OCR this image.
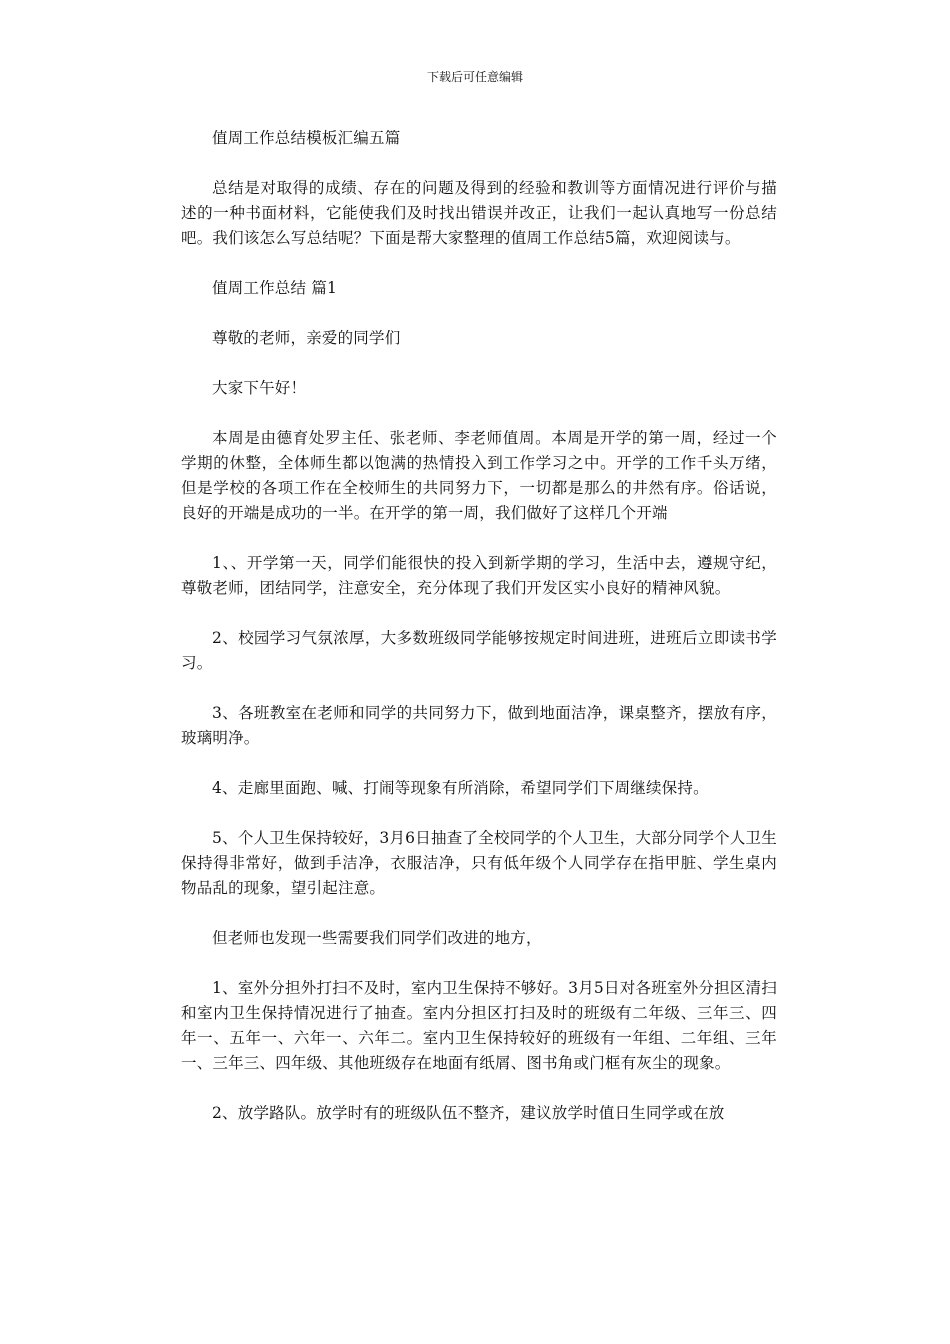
下载后可任意编辑

值周工作总结模板汇编五篇

总结是对取得的成绩、存在的问题及得到的经验和教训等方面情况进行评价与描述的一种书面材料，它能使我们及时找出错误并改正，让我们一起认真地写一份总结吧。我们该怎么写总结呢？下面是帮大家整理的值周工作总结5篇，欢迎阅读与。

值周工作总结 篇1

尊敬的老师，亲爱的同学们

大家下午好！

本周是由德育处罗主任、张老师、李老师值周。本周是开学的第一周，经过一个学期的休整，全体师生都以饱满的热情投入到工作学习之中。开学的工作千头万绪，但是学校的各项工作在全校师生的共同努力下，一切都是那么的井然有序。俗话说，良好的开端是成功的一半。在开学的第一周，我们做好了这样几个开端

1、、开学第一天，同学们能很快的投入到新学期的学习，生活中去，遵规守纪，尊敬老师，团结同学，注意安全，充分体现了我们开发区实小良好的精神风貌。

2、校园学习气氛浓厚，大多数班级同学能够按规定时间进班，进班后立即读书学习。

3、各班教室在老师和同学的共同努力下，做到地面洁净，课桌整齐，摆放有序，玻璃明净。

4、走廊里面跑、喊、打闹等现象有所消除，希望同学们下周继续保持。

5、个人卫生保持较好，3月6日抽查了全校同学的个人卫生，大部分同学个人卫生保持得非常好，做到手洁净，衣服洁净，只有低年级个人同学存在指甲脏、学生桌内物品乱的现象，望引起注意。

但老师也发现一些需要我们同学们改进的地方，

1、室外分担外打扫不及时，室内卫生保持不够好。3月5日对各班室外分担区清扫和室内卫生保持情况进行了抽查。室内分担区打扫及时的班级有二年级、三年三、四年一、五年一、六年一、六年二。室内卫生保持较好的班级有一年组、二年组、三年一、三年三、四年级、其他班级存在地面有纸屑、图书角或门框有灰尘的现象。

2、放学路队。放学时有的班级队伍不整齐，建议放学时值日生同学或在放
